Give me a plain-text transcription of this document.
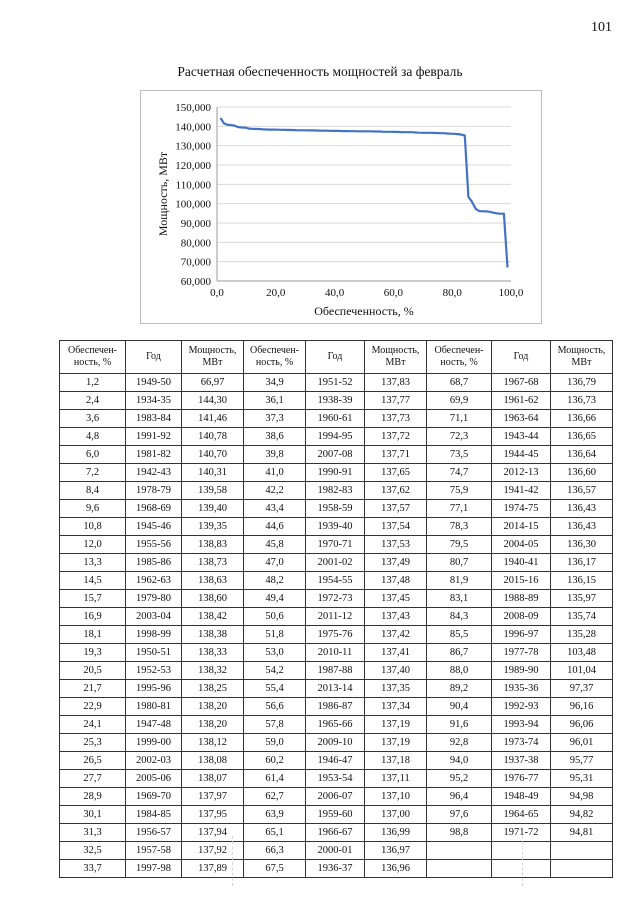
101
Расчетная обеспеченность мощностей за февраль
60,000
70,000
80,000
90,000
100,000
110,000
120,000
130,000
140,000
150,000
0,0	20,0	40,0	60,0	80,0	100,0
Обеспеченность, %
Мощность, МВт
Обеспечен-ность, %	Год	Мощность, МВт	Обеспечен-ность, %	Год	Мощность, МВт	Обеспечен-ность, %	Год	Мощность, МВт
1,2	1949-50	66,97	34,9	1951-52	137,83	68,7	1967-68	136,79
2,4	1934-35	144,30	36,1	1938-39	137,77	69,9	1961-62	136,73
3,6	1983-84	141,46	37,3	1960-61	137,73	71,1	1963-64	136,66
4,8	1991-92	140,78	38,6	1994-95	137,72	72,3	1943-44	136,65
6,0	1981-82	140,70	39,8	2007-08	137,71	73,5	1944-45	136,64
7,2	1942-43	140,31	41,0	1990-91	137,65	74,7	2012-13	136,60
8,4	1978-79	139,58	42,2	1982-83	137,62	75,9	1941-42	136,57
9,6	1968-69	139,40	43,4	1958-59	137,57	77,1	1974-75	136,43
10,8	1945-46	139,35	44,6	1939-40	137,54	78,3	2014-15	136,43
12,0	1955-56	138,83	45,8	1970-71	137,53	79,5	2004-05	136,30
13,3	1985-86	138,73	47,0	2001-02	137,49	80,7	1940-41	136,17
14,5	1962-63	138,63	48,2	1954-55	137,48	81,9	2015-16	136,15
15,7	1979-80	138,60	49,4	1972-73	137,45	83,1	1988-89	135,97
16,9	2003-04	138,42	50,6	2011-12	137,43	84,3	2008-09	135,74
18,1	1998-99	138,38	51,8	1975-76	137,42	85,5	1996-97	135,28
19,3	1950-51	138,33	53,0	2010-11	137,41	86,7	1977-78	103,48
20,5	1952-53	138,32	54,2	1987-88	137,40	88,0	1989-90	101,04
21,7	1995-96	138,25	55,4	2013-14	137,35	89,2	1935-36	97,37
22,9	1980-81	138,20	56,6	1986-87	137,34	90,4	1992-93	96,16
24,1	1947-48	138,20	57,8	1965-66	137,19	91,6	1993-94	96,06
25,3	1999-00	138,12	59,0	2009-10	137,19	92,8	1973-74	96,01
26,5	2002-03	138,08	60,2	1946-47	137,18	94,0	1937-38	95,77
27,7	2005-06	138,07	61,4	1953-54	137,11	95,2	1976-77	95,31
28,9	1969-70	137,97	62,7	2006-07	137,10	96,4	1948-49	94,98
30,1	1984-85	137,95	63,9	1959-60	137,00	97,6	1964-65	94,82
31,3	1956-57	137,94	65,1	1966-67	136,99	98,8	1971-72	94,81
32,5	1957-58	137,92	66,3	2000-01	136,97			
33,7	1997-98	137,89	67,5	1936-37	136,96			
